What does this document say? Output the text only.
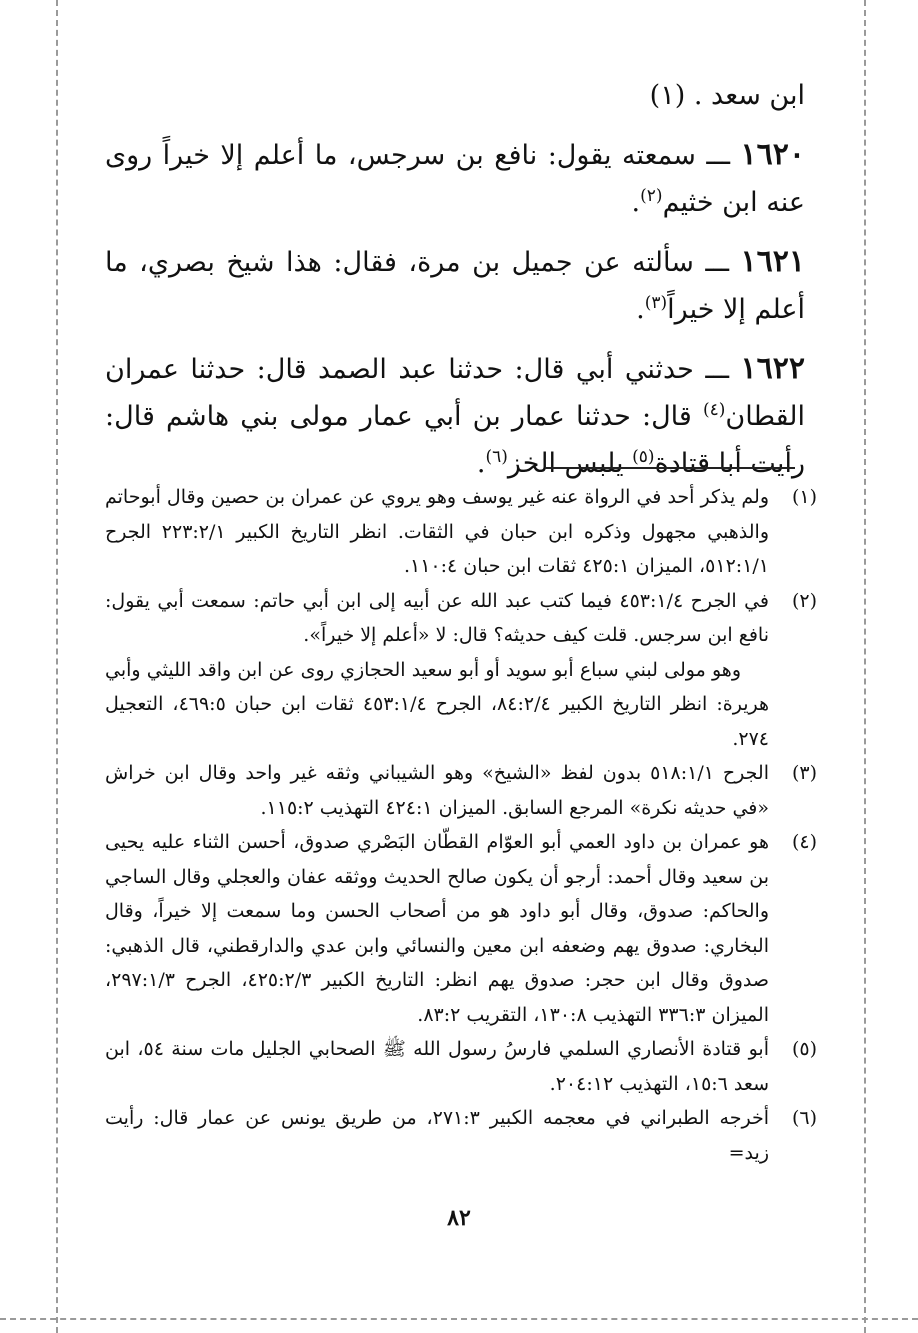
ابن سعد . (١)

١٦٢٠ ـــ سمعته يقول: نافع بن سرجس، ما أعلم إلا خيراً روى عنه ابن خثيم$^{(٢)}$.

١٦٢١ ـــ سألته عن جميل بن مرة، فقال: هذا شيخ بصري، ما أعلم إلا خيراً$^{(٣)}$.

١٦٢٢ ـــ حدثني أبي قال: حدثنا عبد الصمد قال: حدثنا عمران القطان$^{(٤)}$ قال: حدثنا عمار بن أبي عمار مولى بني هاشم قال: رأيت أبا قتادة$^{(٥)}$ يلبس الخز$^{(٦)}$.

(١)

ولم يذكر أحد في الرواة عنه غير يوسف وهو يروي عن عمران بن حصين وقال أبوحاتم والذهبي مجهول وذكره ابن حبان في الثقات. انظر التاريخ الكبير ٢٢٣:٢/١ الجرح ٥١٢:١/١، الميزان ٤٢٥:١ ثقات ابن حبان ١١٠:٤.

(٢)

في الجرح ٤٥٣:١/٤ فيما كتب عبد الله عن أبيه إلى ابن أبي حاتم: سمعت أبي يقول: نافع ابن سرجس. قلت كيف حديثه؟ قال: لا «أعلم إلا خيراً».

وهو مولى لبني سباع أبو سويد أو أبو سعيد الحجازي روى عن ابن واقد الليثي وأبي هريرة: انظر التاريخ الكبير ٨٤:٢/٤، الجرح ٤٥٣:١/٤ ثقات ابن حبان ٤٦٩:٥، التعجيل ٢٧٤.

(٣)

الجرح ٥١٨:١/١ بدون لفظ «الشيخ» وهو الشيباني وثقه غير واحد وقال ابن خراش «في حديثه نكرة» المرجع السابق. الميزان ٤٢٤:١ التهذيب ١١٥:٢.

(٤)

هو عمران بن داود العمي أبو العوّام القطّان البَصْري صدوق، أحسن الثناء عليه يحيى بن سعيد وقال أحمد: أرجو أن يكون صالح الحديث ووثقه عفان والعجلي وقال الساجي والحاكم: صدوق، وقال أبو داود هو من أصحاب الحسن وما سمعت إلا خيراً، وقال البخاري: صدوق يهم وضعفه ابن معين والنسائي وابن عدي والدارقطني، قال الذهبي: صدوق وقال ابن حجر: صدوق يهم انظر: التاريخ الكبير ٤٢٥:٢/٣، الجرح ٢٩٧:١/٣، الميزان ٣٣٦:٣ التهذيب ١٣٠:٨، التقريب ٨٣:٢.

(٥)

أبو قتادة الأنصاري السلمي فارسُ رسول الله ﷺ الصحابي الجليل مات سنة ٥٤، ابن سعد ١٥:٦، التهذيب ٢٠٤:١٢.

(٦)

أخرجه الطبراني في معجمه الكبير ٢٧١:٣، من طريق يونس عن عمار قال: رأيت زيد=

٨٢
